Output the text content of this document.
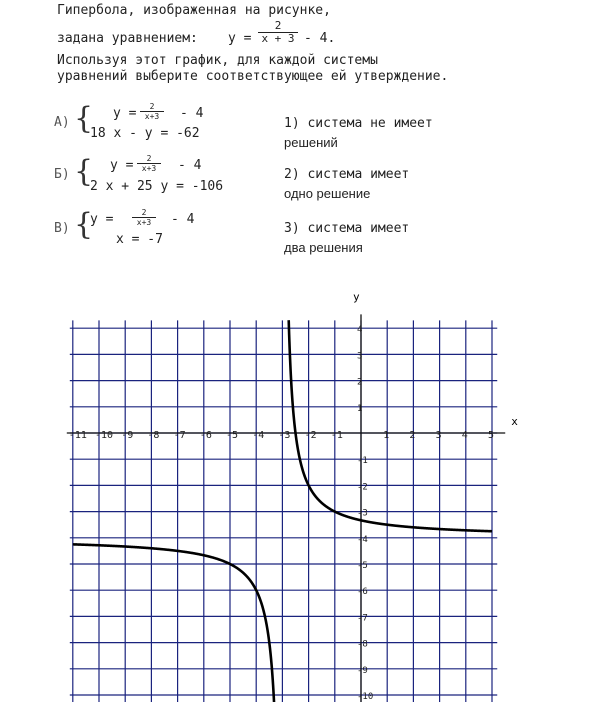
Гипербола, изображенная на рисунке,
задана уравнением: $y = \frac{2}{x + 3} - 4$.
Используя этот график, для каждой системы
уравнений выберите соответствующее ей утверждение.
А) { $y = \frac{2}{x+3} - 4$
18 x - y = -62
Б) { $y = \frac{2}{x+3} - 4$
2 x + 25 y = -106
В) {
$y = \frac{2}{x+3} - 4$
x = -7
1) система не имеет
решений
2) система имеет
одно решение
3) система имеет
два решения
-11 -10 -9 -8 -7 -6 -5 -4 -3 -2 -1	1 2 3 4 5
4
3
2
1
-1
-2
-3
-4
-5
-6
-7
-8
-9
-10
x
y
